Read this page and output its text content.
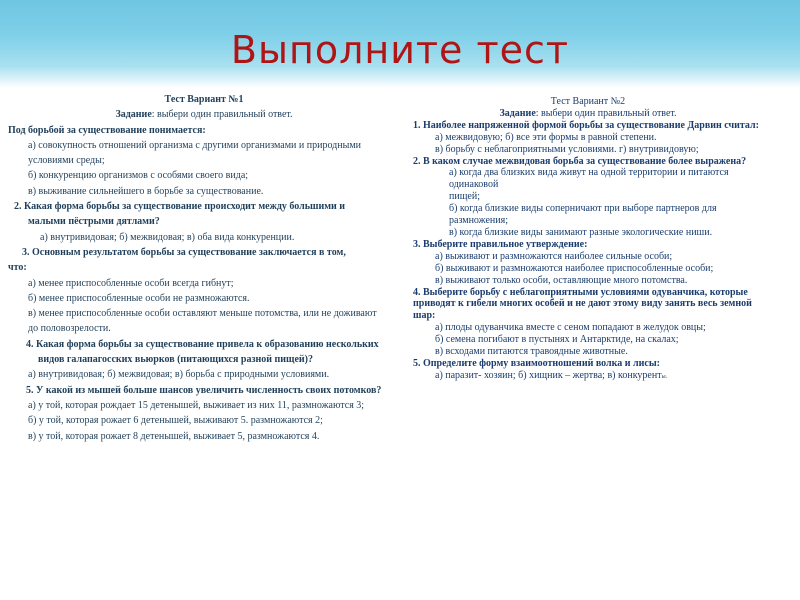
Выполните тест

Тест Вариант №1

Задание: выбери один правильный ответ.

Под борьбой за существование понимается:

а) совокупность отношений организма с другими организмами и природными

условиями среды;

б) конкуренцию организмов с особями своего вида;

в) выживание сильнейшего в борьбе за существование.

2. Какая форма борьбы за существование происходит между большими и

малыми пёстрыми дятлами?

а) внутривидовая; б) межвидовая; в) оба вида конкуренции.

3. Основным результатом борьбы за существование заключается в том,

что:

а) менее приспособленные особи всегда гибнут;

б) менее приспособленные особи не размножаются.

в) менее приспособленные особи оставляют меньше потомства, или не доживают

до половозрелости.

4. Какая форма борьбы за существование привела к образованию нескольких

видов галапагосских вьюрков (питающихся разной пищей)?

а) внутривидовая; б) межвидовая; в) борьба с природными условиями.

5. У какой из мышей больше шансов увеличить численность своих потомков?

а) у той, которая рождает 15 детенышей, выживает из них 11, размножаются 3;

б) у той, которая рожает 6 детенышей, выживают 5. размножаются 2;

в) у той, которая рожает 8 детенышей, выживает 5, размножаются 4.

Тест Вариант №2

Задание: выбери один правильный ответ.

1. Наиболее напряженной формой борьбы за существование Дарвин считал:

а) межвидовую; б) все эти формы в равной степени.

в) борьбу с неблагоприятными условиями. г) внутривидовую;

2. В каком случае межвидовая борьба за существование более выражена?

а) когда два близких вида живут на одной территории и питаются одинаковой

пищей;

б) когда близкие виды соперничают при выборе партнеров для размножения;

в) когда близкие виды занимают разные экологические ниши.

3. Выберите правильное утверждение:

а) выживают и размножаются наиболее сильные особи;

б) выживают и размножаются наиболее приспособленные особи;

в) выживают только особи, оставляющие много потомства.

4. Выберите борьбу с неблагоприятными условиями одуванчика, которые приводят к гибели многих особей и не дают этому виду занять весь земной шар:

а) плоды одуванчика вместе с сеном попадают в желудок овцы;

б) семена погибают в пустынях и Антарктиде, на скалах;

в) всходами питаются травоядные животные.

5. Определите форму взаимоотношений волка и лисы:

а) паразит- хозяин; б) хищник – жертва; в) конкуренты.
